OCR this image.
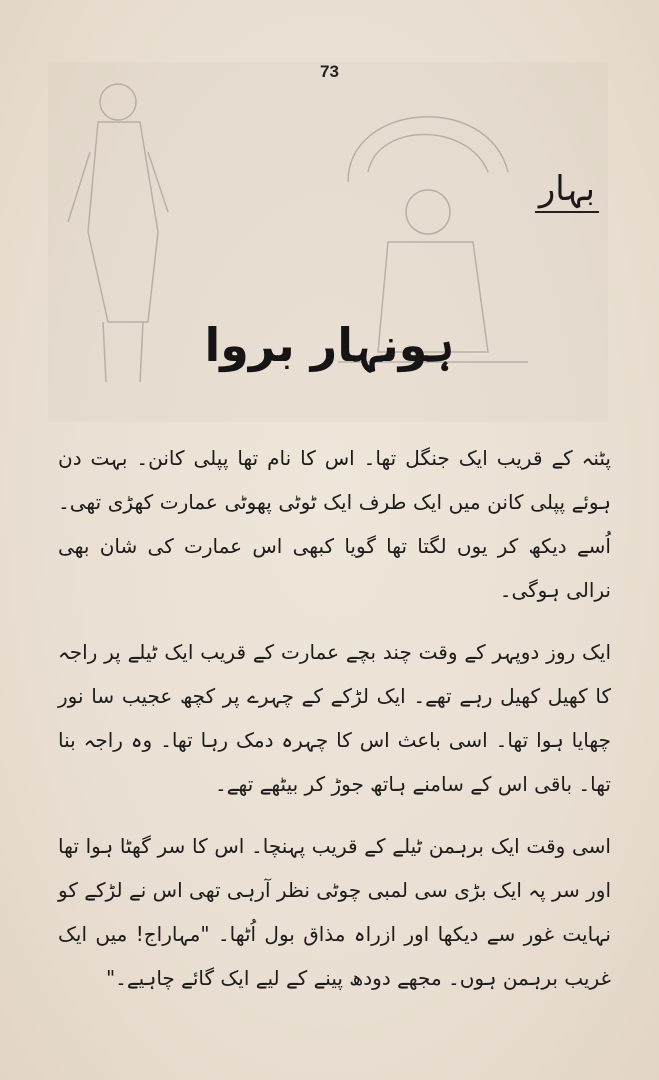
73
بہار
ہونہار بروا

پٹنہ کے قریب ایک جنگل تھا۔ اس کا نام تھا پپلی کانن۔ بہت دن ہوئے پپلی کانن میں ایک طرف ایک ٹوٹی پھوٹی عمارت کھڑی تھی۔ اُسے دیکھ کر یوں لگتا تھا گویا کبھی اس عمارت کی شان بھی نرالی ہوگی۔

ایک روز دوپہر کے وقت چند بچے عمارت کے قریب ایک ٹیلے پر راجہ کا کھیل کھیل رہے تھے۔ ایک لڑکے کے چہرے پر کچھ عجیب سا نور چھایا ہوا تھا۔ اسی باعث اس کا چہرہ دمک رہا تھا۔ وہ راجہ بنا تھا۔ باقی اس کے سامنے ہاتھ جوڑ کر بیٹھے تھے۔

اسی وقت ایک برہمن ٹیلے کے قریب پہنچا۔ اس کا سر گھٹا ہوا تھا اور سر پہ ایک بڑی سی لمبی چوٹی نظر آرہی تھی اس نے لڑکے کو نہایت غور سے دیکھا اور ازراہ مذاق بول اُٹھا۔ "مہاراج! میں ایک غریب برہمن ہوں۔ مجھے دودھ پینے کے لیے ایک گائے چاہیے۔"
